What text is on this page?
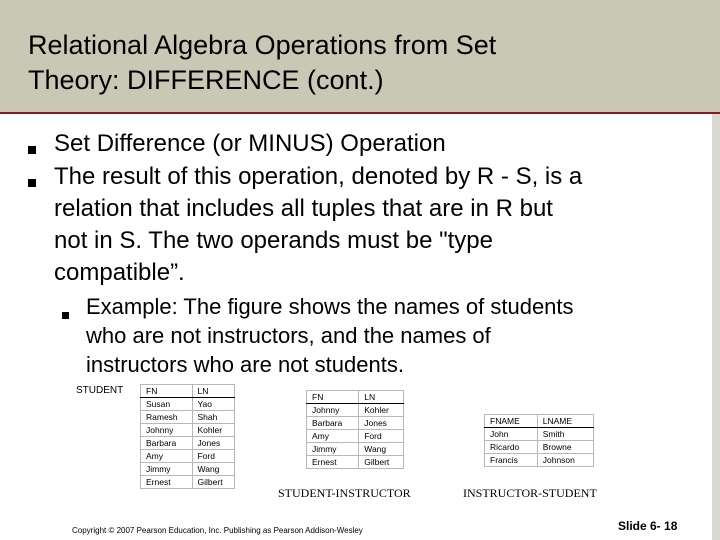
Relational Algebra Operations from Set
Theory: DIFFERENCE (cont.)
Set Difference (or MINUS) Operation
The result of this operation, denoted by R - S, is a
relation that includes all tuples that are in R but
not in S. The two operands must be "type
compatible”.
Example: The figure shows the names of students
who are not instructors, and the names of
instructors who are not students.
STUDENT	FN	LN
Susan	Yao
Ramesh	Shah
Johnny	Kohler
Barbara	Jones
Amy	Ford
Jimmy	Wang
Ernest	Gilbert
FN	LN
Johnny	Kohler
Barbara	Jones
Amy	Ford
Jimmy	Wang
Ernest	Gilbert
STUDENT-INSTRUCTOR
FNAME	LNAME
John	Smith
Ricardo	Browne
Francis	Johnson
INSTRUCTOR-STUDENT
Copyright © 2007 Pearson Education, Inc. Publishing as Pearson Addison-Wesley	Slide 6- 18
